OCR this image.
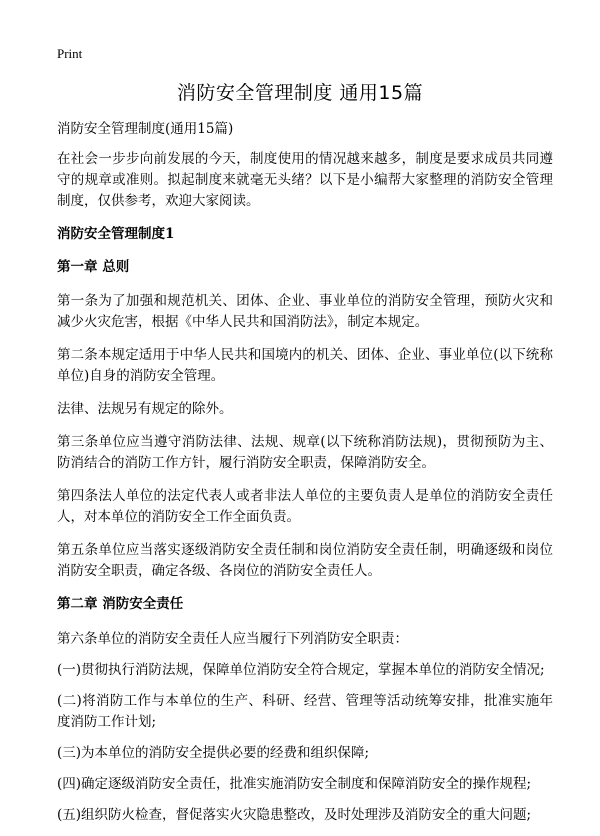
Print
消防安全管理制度 通用15篇

消防安全管理制度(通用15篇)

在社会一步步向前发展的今天，制度使用的情况越来越多，制度是要求成员共同遵守的规章或准则。拟起制度来就毫无头绪？以下是小编帮大家整理的消防安全管理制度，仅供参考，欢迎大家阅读。

消防安全管理制度1

第一章 总则

第一条为了加强和规范机关、团体、企业、事业单位的消防安全管理，预防火灾和减少火灾危害，根据《中华人民共和国消防法》，制定本规定。

第二条本规定适用于中华人民共和国境内的机关、团体、企业、事业单位(以下统称单位)自身的消防安全管理。

法律、法规另有规定的除外。

第三条单位应当遵守消防法律、法规、规章(以下统称消防法规)，贯彻预防为主、防消结合的消防工作方针，履行消防安全职责，保障消防安全。

第四条法人单位的法定代表人或者非法人单位的主要负责人是单位的消防安全责任人，对本单位的消防安全工作全面负责。

第五条单位应当落实逐级消防安全责任制和岗位消防安全责任制，明确逐级和岗位消防安全职责，确定各级、各岗位的消防安全责任人。

第二章 消防安全责任

第六条单位的消防安全责任人应当履行下列消防安全职责：

(一)贯彻执行消防法规，保障单位消防安全符合规定，掌握本单位的消防安全情况;

(二)将消防工作与本单位的生产、科研、经营、管理等活动统筹安排，批准实施年度消防工作计划;

(三)为本单位的消防安全提供必要的经费和组织保障;

(四)确定逐级消防安全责任，批准实施消防安全制度和保障消防安全的操作规程;

(五)组织防火检查，督促落实火灾隐患整改，及时处理涉及消防安全的重大问题;
